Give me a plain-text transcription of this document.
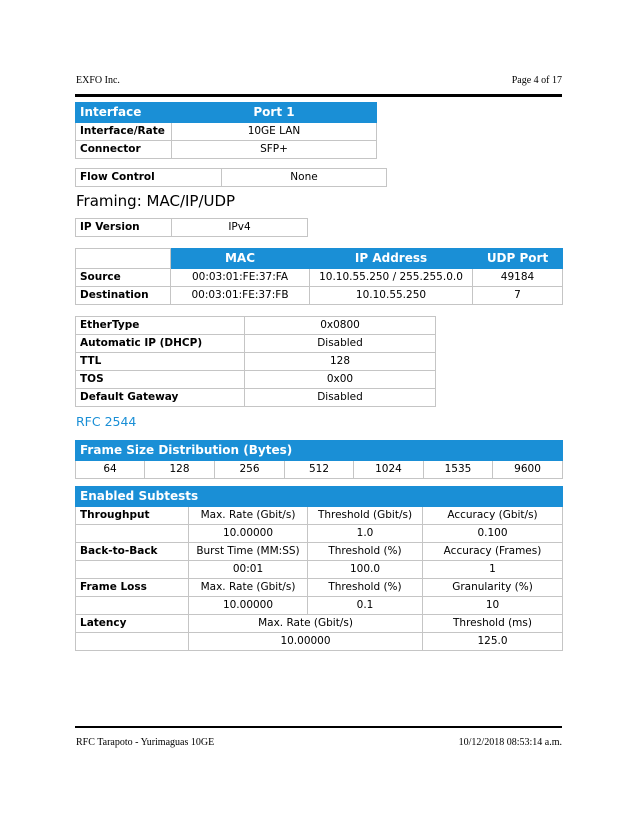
EXFO Inc.	Page 4 of 17
Interface	Port 1
Interface/Rate	10GE LAN
Connector	SFP+
Flow Control	None
Framing: MAC/IP/UDP
IP Version	IPv4
	MAC	IP Address	UDP Port
Source	00:03:01:FE:37:FA	10.10.55.250 / 255.255.0.0	49184
Destination	00:03:01:FE:37:FB	10.10.55.250	7
EtherType	0x0800
Automatic IP (DHCP)	Disabled
TTL	128
TOS	0x00
Default Gateway	Disabled
RFC 2544
Frame Size Distribution (Bytes)
64	128	256	512	1024	1535	9600
Enabled Subtests			
Throughput	Max. Rate (Gbit/s)	Threshold (Gbit/s)	Accuracy (Gbit/s)
	10.00000	1.0	0.100
Back-to-Back	Burst Time (MM:SS)	Threshold (%)	Accuracy (Frames)
	00:01	100.0	1
Frame Loss	Max. Rate (Gbit/s)	Threshold (%)	Granularity (%)
	10.00000	0.1	10
Latency	Max. Rate (Gbit/s)		Threshold (ms)
	10.00000		125.0
RFC Tarapoto - Yurimaguas 10GE	10/12/2018 08:53:14 a.m.
